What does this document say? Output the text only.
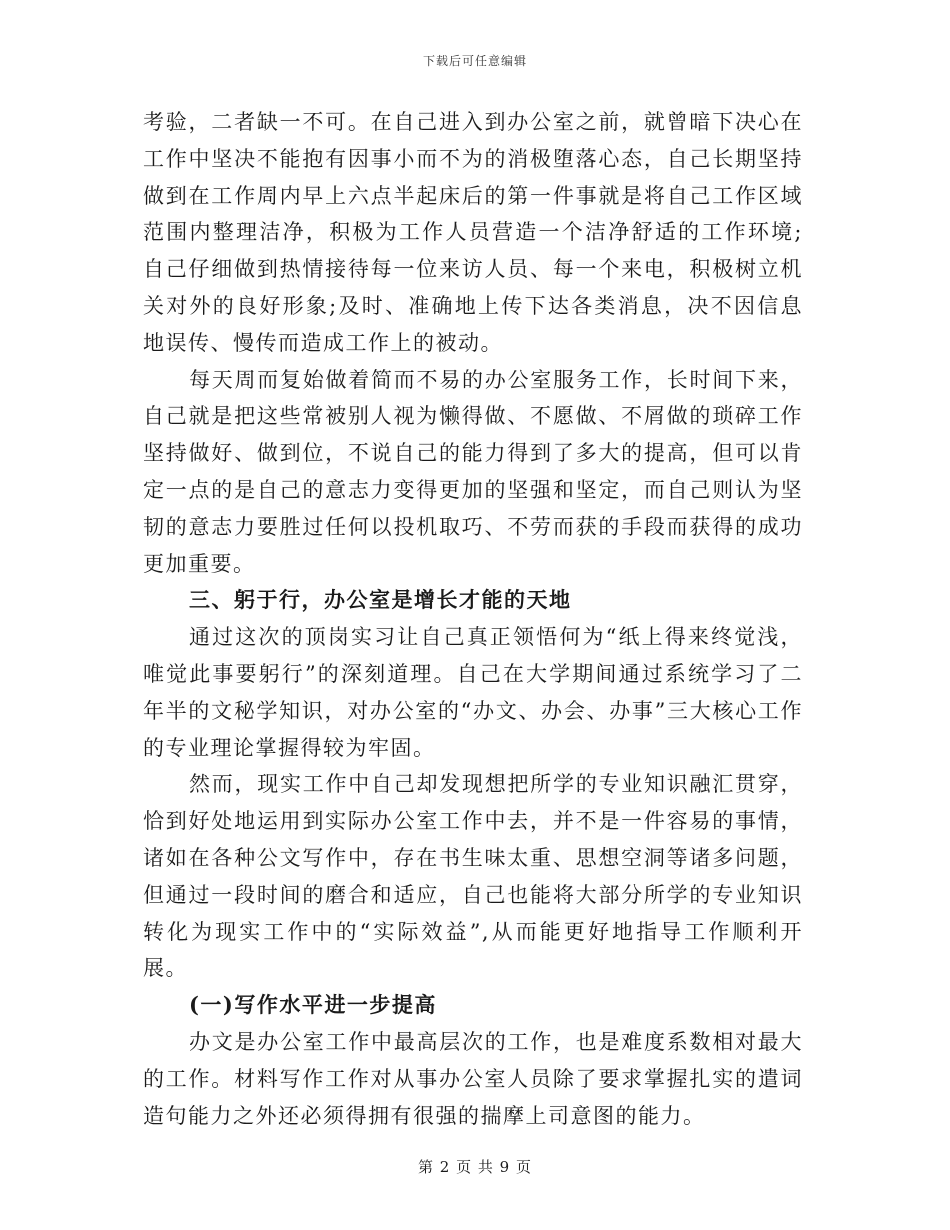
下载后可任意编辑

考验，二者缺一不可。在自己进入到办公室之前，就曾暗下决心在工作中坚决不能抱有因事小而不为的消极堕落心态，自己长期坚持做到在工作周内早上六点半起床后的第一件事就是将自己工作区域范围内整理洁净，积极为工作人员营造一个洁净舒适的工作环境;自己仔细做到热情接待每一位来访人员、每一个来电，积极树立机关对外的良好形象;及时、准确地上传下达各类消息，决不因信息地误传、慢传而造成工作上的被动。

每天周而复始做着简而不易的办公室服务工作，长时间下来，自己就是把这些常被别人视为懒得做、不愿做、不屑做的琐碎工作坚持做好、做到位，不说自己的能力得到了多大的提高，但可以肯定一点的是自己的意志力变得更加的坚强和坚定，而自己则认为坚韧的意志力要胜过任何以投机取巧、不劳而获的手段而获得的成功更加重要。

三、躬于行，办公室是增长才能的天地

通过这次的顶岗实习让自己真正领悟何为“纸上得来终觉浅，唯觉此事要躬行”的深刻道理。自己在大学期间通过系统学习了二年半的文秘学知识，对办公室的“办文、办会、办事”三大核心工作的专业理论掌握得较为牢固。

然而，现实工作中自己却发现想把所学的专业知识融汇贯穿，恰到好处地运用到实际办公室工作中去，并不是一件容易的事情，诸如在各种公文写作中，存在书生味太重、思想空洞等诸多问题，但通过一段时间的磨合和适应，自己也能将大部分所学的专业知识转化为现实工作中的“实际效益”,从而能更好地指导工作顺利开展。

(一)写作水平进一步提高

办文是办公室工作中最高层次的工作，也是难度系数相对最大的工作。材料写作工作对从事办公室人员除了要求掌握扎实的遣词造句能力之外还必须得拥有很强的揣摩上司意图的能力。

第 2 页 共 9 页
